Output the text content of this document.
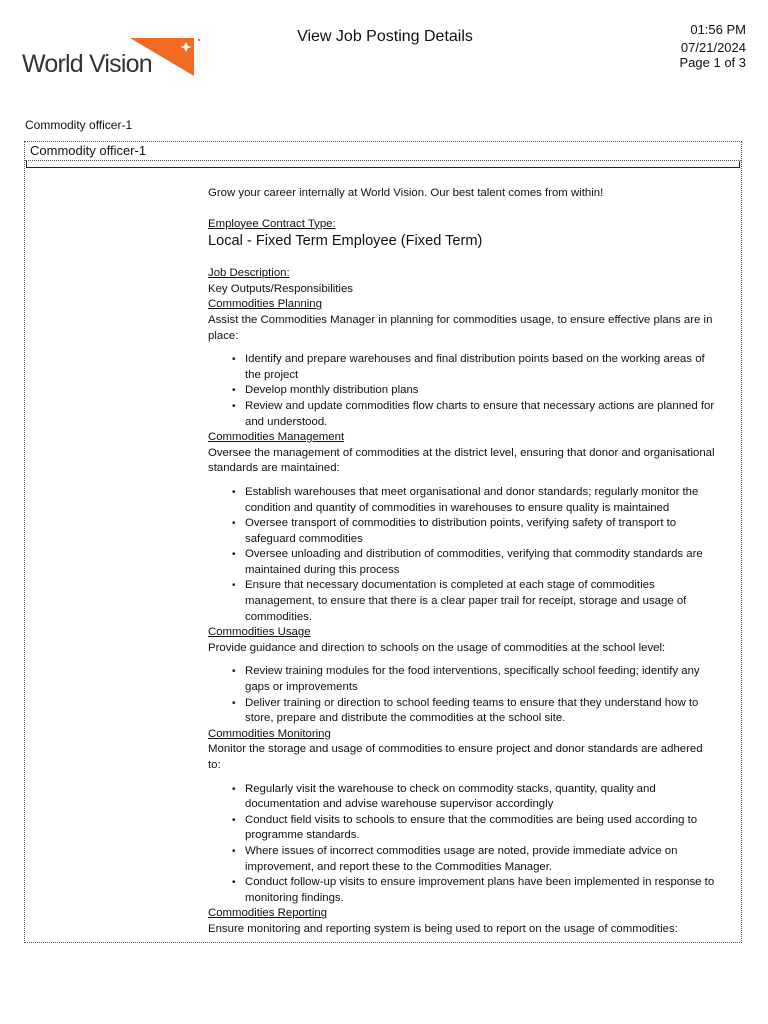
World Vision
View Job Posting Details	01:56 PM
07/21/2024
Page 1 of 3
Commodity officer-1
Commodity officer-1

Grow your career internally at World Vision. Our best talent comes from within!

Employee Contract Type:

Local - Fixed Term Employee (Fixed Term)

Job Description:

Key Outputs/Responsibilities

Commodities Planning

Assist the Commodities Manager in planning for commodities usage, to ensure effective plans are in place:

• Identify and prepare warehouses and final distribution points based on the working areas of the project
• Develop monthly distribution plans
• Review and update commodities flow charts to ensure that necessary actions are planned for and understood.

Commodities Management

Oversee the management of commodities at the district level, ensuring that donor and organisational standards are maintained:

• Establish warehouses that meet organisational and donor standards; regularly monitor the condition and quantity of commodities in warehouses to ensure quality is maintained
• Oversee transport of commodities to distribution points, verifying safety of transport to safeguard commodities
• Oversee unloading and distribution of commodities, verifying that commodity standards are maintained during this process
• Ensure that necessary documentation is completed at each stage of commodities management, to ensure that there is a clear paper trail for receipt, storage and usage of commodities.

Commodities Usage

Provide guidance and direction to schools on the usage of commodities at the school level:

• Review training modules for the food interventions, specifically school feeding; identify any gaps or improvements
• Deliver training or direction to school feeding teams to ensure that they understand how to store, prepare and distribute the commodities at the school site.

Commodities Monitoring

Monitor the storage and usage of commodities to ensure project and donor standards are adhered to:

• Regularly visit the warehouse to check on commodity stacks, quantity, quality and documentation and advise warehouse supervisor accordingly
• Conduct field visits to schools to ensure that the commodities are being used according to programme standards.
• Where issues of incorrect commodities usage are noted, provide immediate advice on improvement, and report these to the Commodities Manager.
• Conduct follow-up visits to ensure improvement plans have been implemented in response to monitoring findings.

Commodities Reporting

Ensure monitoring and reporting system is being used to report on the usage of commodities:
